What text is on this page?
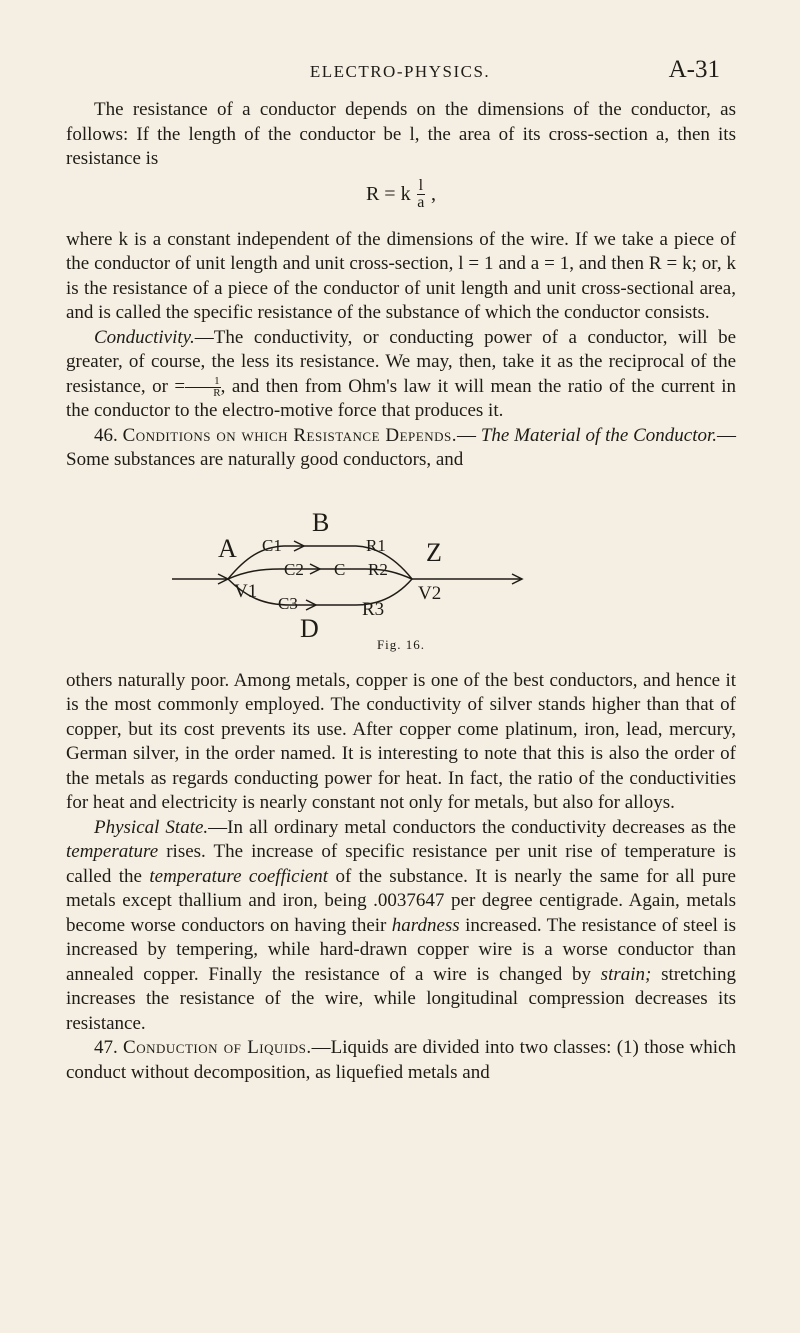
ELECTRO-PHYSICS.	A-31

The resistance of a conductor depends on the dimensions of the conductor, as follows: If the length of the conductor be l, the area of its cross-section a, then its resistance is

R = k $\frac{l}{a}$ ,

where k is a constant independent of the dimensions of the wire. If we take a piece of the conductor of unit length and unit cross-section, l = 1 and a = 1, and then R = k; or, k is the resistance of a piece of the conductor of unit length and unit cross-sectional area, and is called the specific resistance of the substance of which the conductor consists.

Conductivity.—The conductivity, or conducting power of a conductor, will be greater, of course, the less its resistance. We may, then, take it as the reciprocal of the resistance, or = $\frac{1}{R}$ , and then from Ohm's law it will mean the ratio of the current in the conductor to the electro-motive force that produces it.

46. Conditions on which Resistance Depends.— The Material of the Conductor.—Some substances are naturally good conductors, and

A
B
D
Z
V1	V2
C1
C2
C3
C
R1
R2
R3
Fig. 16.

others naturally poor. Among metals, copper is one of the best conductors, and hence it is the most commonly employed. The conductivity of silver stands higher than that of copper, but its cost prevents its use. After copper come platinum, iron, lead, mercury, German silver, in the order named. It is interesting to note that this is also the order of the metals as regards conducting power for heat. In fact, the ratio of the conductivities for heat and electricity is nearly constant not only for metals, but also for alloys.

Physical State.—In all ordinary metal conductors the conductivity decreases as the temperature rises. The increase of specific resistance per unit rise of temperature is called the temperature coefficient of the substance. It is nearly the same for all pure metals except thallium and iron, being .0037647 per degree centigrade. Again, metals become worse conductors on having their hardness increased. The resistance of steel is increased by tempering, while hard-drawn copper wire is a worse conductor than annealed copper. Finally the resistance of a wire is changed by strain; stretching increases the resistance of the wire, while longitudinal compression decreases its resistance.

47. Conduction of Liquids.—Liquids are divided into two classes: (1) those which conduct without decomposition, as liquefied metals and
